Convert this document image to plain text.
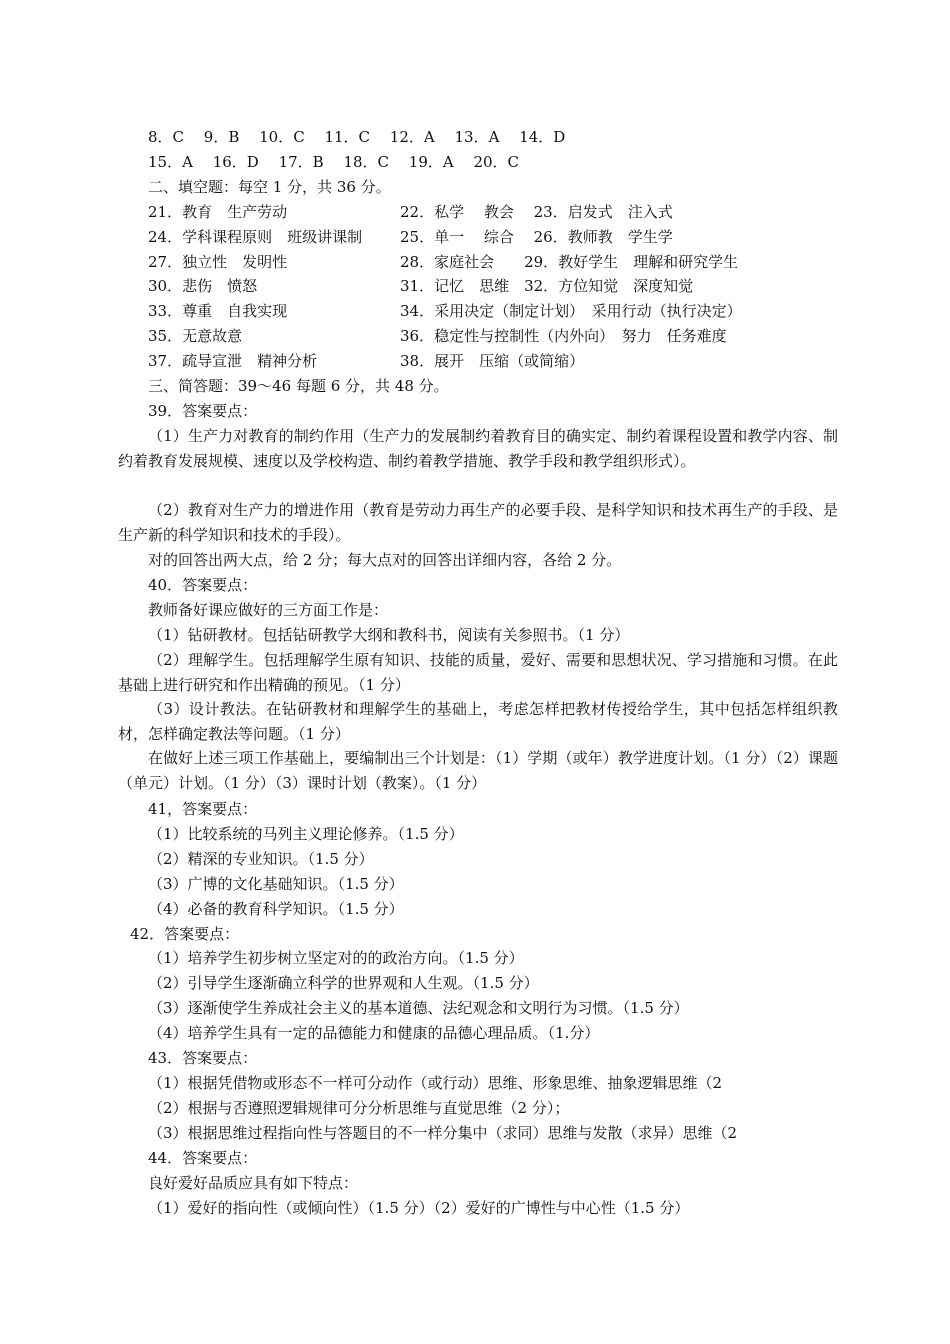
8．C　 9．B　 10．C　 11．C　 12．A　 13．A　 14．D
15．A　 16．D　 17．B　 18．C　 19．A　 20．C
二、填空题：每空 1 分，共 36 分。
21．教育　生产劳动	22．私学　 教会　 23．启发式　注入式
24．学科课程原则　班级讲课制	25．单一　 综合　 26．教师教　学生学
27．独立性　发明性	28．家庭社会　　29．教好学生　理解和研究学生
30．悲伤　愤怒	31．记忆　思维　32．方位知觉　深度知觉
33．尊重　自我实现	34．采用决定（制定计划）　采用行动（执行决定）
35．无意故意	36．稳定性与控制性（内外向）　努力　任务难度
37．疏导宣泄　精神分析	38．展开　压缩（或简缩）
三、简答题：39～46 每题 6 分，共 48 分。
39．答案要点：
（1）生产力对教育的制约作用（生产力的发展制约着教育目的确实定、制约着课程设置和教学内容、制约着教育发展规模、速度以及学校构造、制约着教学措施、教学手段和教学组织形式）。
（2）教育对生产力的增进作用（教育是劳动力再生产的必要手段、是科学知识和技术再生产的手段、是生产新的科学知识和技术的手段）。
对的回答出两大点，给 2 分；每大点对的回答出详细内容，各给 2 分。
40．答案要点：
教师备好课应做好的三方面工作是：
（1）钻研教材。包括钻研教学大纲和教科书，阅读有关参照书。（1 分）
（2）理解学生。包括理解学生原有知识、技能的质量，爱好、需要和思想状况、学习措施和习惯。在此基础上进行研究和作出精确的预见。（1 分）
（3）设计教法。在钻研教材和理解学生的基础上，考虑怎样把教材传授给学生，其中包括怎样组织教材，怎样确定教法等问题。（1 分）
在做好上述三项工作基础上，要编制出三个计划是：（1）学期（或年）教学进度计划。（1 分）（2）课题（单元）计划。（1 分）（3）课时计划（教案）。（1 分）
41，答案要点：
（1）比较系统的马列主义理论修养。（1.5 分）
（2）精深的专业知识。（1.5 分）
（3）广博的文化基础知识。（1.5 分）
（4）必备的教育科学知识。（1.5 分）
42．答案要点：
（1）培养学生初步树立坚定对的的政治方向。（1.5 分）
（2）引导学生逐渐确立科学的世界观和人生观。（1.5 分）
（3）逐渐使学生养成社会主义的基本道德、法纪观念和文明行为习惯。（1.5 分）
（4）培养学生具有一定的品德能力和健康的品德心理品质。（1.分）
43．答案要点：
（1）根据凭借物或形态不一样可分动作（或行动）思维、形象思维、抽象逻辑思维（2
（2）根据与否遵照逻辑规律可分分析思维与直觉思维（2 分）；
（3）根据思维过程指向性与答题目的不一样分集中（求同）思维与发散（求异）思维（2
44．答案要点：
良好爱好品质应具有如下特点：
（1）爱好的指向性（或倾向性）（1.5 分）（2）爱好的广博性与中心性（1.5 分）
